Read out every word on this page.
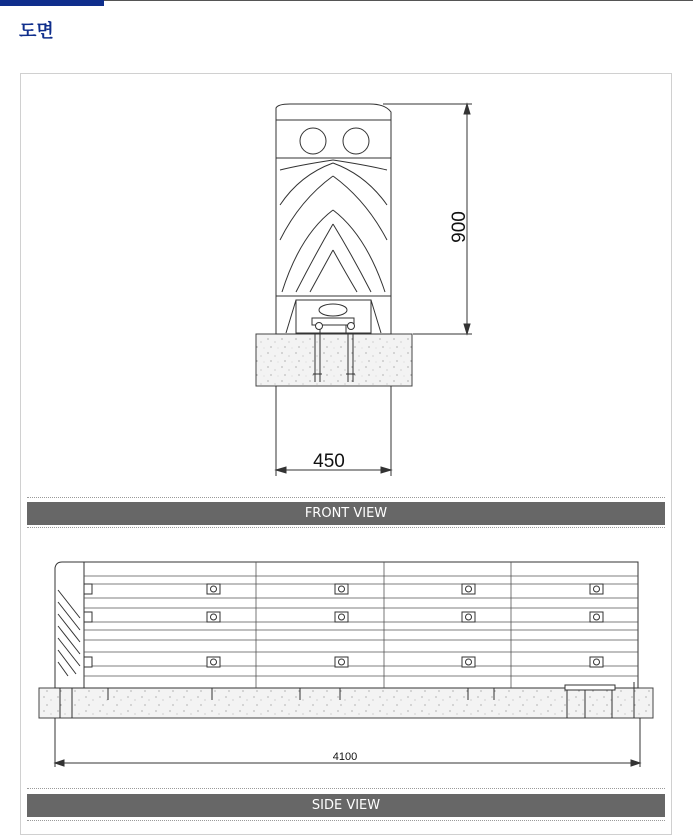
도면
900
450
FRONT VIEW
4100
SIDE VIEW
